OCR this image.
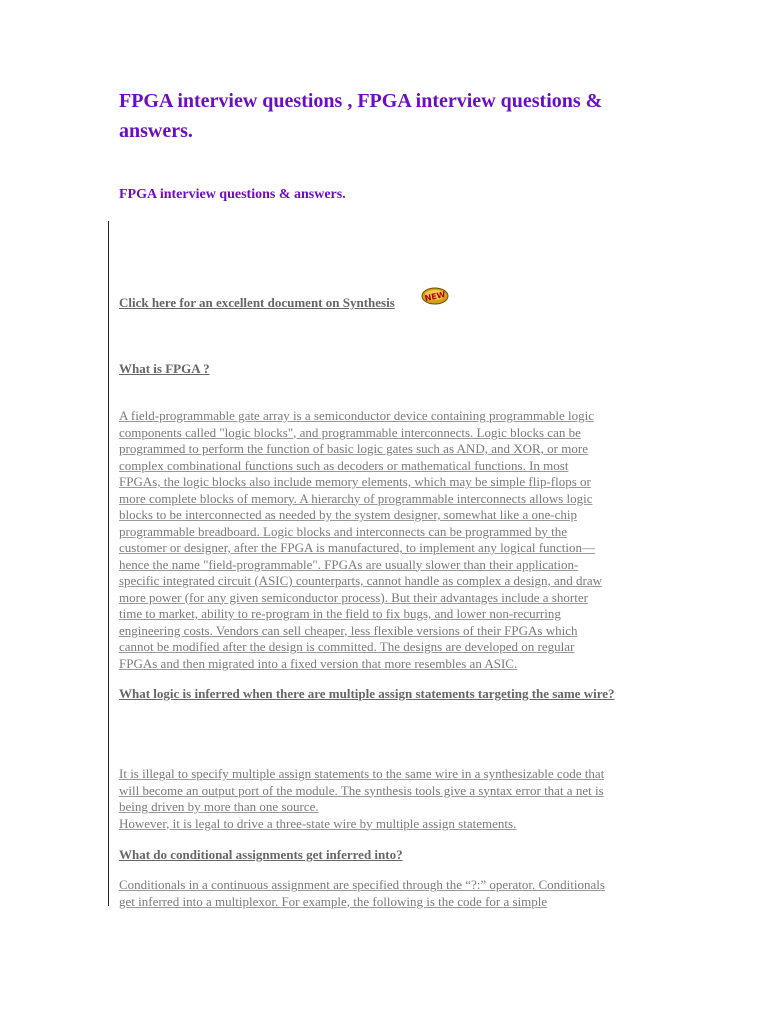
FPGA interview questions , FPGA interview questions & answers.
FPGA interview questions & answers.
Click here for an excellent document on Synthesis	NEW
What is FPGA ?
A field-programmable gate array is a semiconductor device containing programmable logic
components called "logic blocks", and programmable interconnects. Logic blocks can be
programmed to perform the function of basic logic gates such as AND, and XOR, or more
complex combinational functions such as decoders or mathematical functions. In most
FPGAs, the logic blocks also include memory elements, which may be simple flip-flops or
more complete blocks of memory. A hierarchy of programmable interconnects allows logic
blocks to be interconnected as needed by the system designer, somewhat like a one-chip
programmable breadboard. Logic blocks and interconnects can be programmed by the
customer or designer, after the FPGA is manufactured, to implement any logical function—
hence the name "field-programmable". FPGAs are usually slower than their application-
specific integrated circuit (ASIC) counterparts, cannot handle as complex a design, and draw
more power (for any given semiconductor process). But their advantages include a shorter
time to market, ability to re-program in the field to fix bugs, and lower non-recurring
engineering costs. Vendors can sell cheaper, less flexible versions of their FPGAs which
cannot be modified after the design is committed. The designs are developed on regular
FPGAs and then migrated into a fixed version that more resembles an ASIC.
What logic is inferred when there are multiple assign statements targeting the same wire?
It is illegal to specify multiple assign statements to the same wire in a synthesizable code that
will become an output port of the module. The synthesis tools give a syntax error that a net is
being driven by more than one source.
However, it is legal to drive a three-state wire by multiple assign statements.
What do conditional assignments get inferred into?
Conditionals in a continuous assignment are specified through the “?:” operator. Conditionals
get inferred into a multiplexor. For example, the following is the code for a simple
